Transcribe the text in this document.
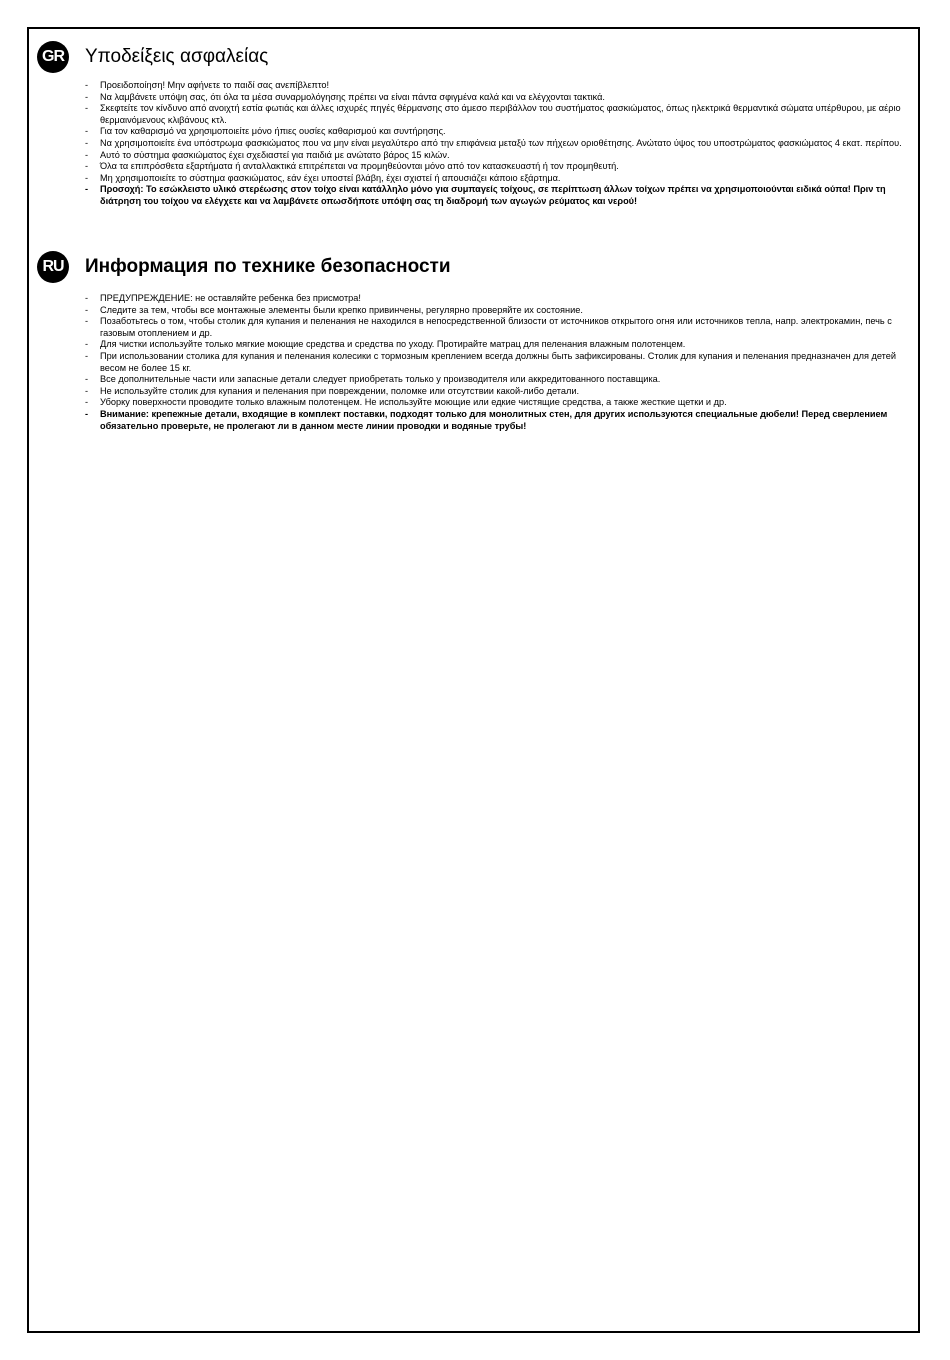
GR Υποδείξεις ασφαλείας
- Προειδοποίηση! Μην αφήνετε το παιδί σας ανεπίβλεπτο!
- Να λαμβάνετε υπόψη σας, ότι όλα τα μέσα συναρμολόγησης πρέπει να είναι πάντα σφιγμένα καλά και να ελέγχονται τακτικά.
- Σκεφτείτε τον κίνδυνο από ανοιχτή εστία φωτιάς και άλλες ισχυρές πηγές θέρμανσης στο άμεσο περιβάλλον του συστήματος φασκιώματος, όπως ηλεκτρικά θερμαντικά σώματα υπέρθυρου, με αέριο θερμαινόμενους κλιβάνους κτλ.
- Για τον καθαρισμό να χρησιμοποιείτε μόνο ήπιες ουσίες καθαρισμού και συντήρησης.
- Να χρησιμοποιείτε ένα υπόστρωμα φασκιώματος που να μην είναι μεγαλύτερο από την επιφάνεια μεταξύ των πήχεων οριοθέτησης. Ανώτατο ύψος του υποστρώματος φασκιώματος 4 εκατ. περίπου.
- Αυτό το σύστημα φασκιώματος έχει σχεδιαστεί για παιδιά με ανώτατο βάρος 15 κιλών.
- Όλα τα επιπρόσθετα εξαρτήματα ή ανταλλακτικά επιτρέπεται να προμηθεύονται μόνο από τον κατασκευαστή ή τον προμηθευτή.
- Μη χρησιμοποιείτε το σύστημα φασκιώματος, εάν έχει υποστεί βλάβη, έχει σχιστεί ή απουσιάζει κάποιο εξάρτημα.
- Προσοχή: Το εσώκλειστο υλικό στερέωσης στον τοίχο είναι κατάλληλο μόνο για συμπαγείς τοίχους, σε περίπτωση άλλων τοίχων πρέπει να χρησιμοποιούνται ειδικά ούπα! Πριν τη διάτρηση του τοίχου να ελέγχετε και να λαμβάνετε οπωσδήποτε υπόψη σας τη διαδρομή των αγωγών ρεύματος και νερού!
RU Информация по технике безопасности
- ПРЕДУПРЕЖДЕНИЕ: не оставляйте ребенка без присмотра!
- Следите за тем, чтобы все монтажные элементы были крепко привинчены, регулярно проверяйте их состояние.
- Позаботьтесь о том, чтобы столик для купания и пеленания не находился в непосредственной близости от источников открытого огня или источников тепла, напр. электрокамин, печь с газовым отоплением и др.
- Для чистки используйте только мягкие моющие средства и средства по уходу. Протирайте матрац для пеленания влажным полотенцем.
- При использовании столика для купания и пеленания колесики с тормозным креплением всегда должны быть зафиксированы. Столик для купания и пеленания предназначен для детей весом не более 15 кг.
- Все дополнительные части или запасные детали следует приобретать только у производителя или аккредитованного поставщика.
- Не используйте столик для купания и пеленания при повреждении, поломке или отсутствии какой-либо детали.
- Уборку поверхности проводите только влажным полотенцем. Не используйте моющие или едкие чистящие средства, а также жесткие щетки и др.
- Внимание: крепежные детали, входящие в комплект поставки, подходят только для монолитных стен, для других используются специальные дюбели! Перед сверлением обязательно проверьте, не пролегают ли в данном месте линии проводки и водяные трубы!
